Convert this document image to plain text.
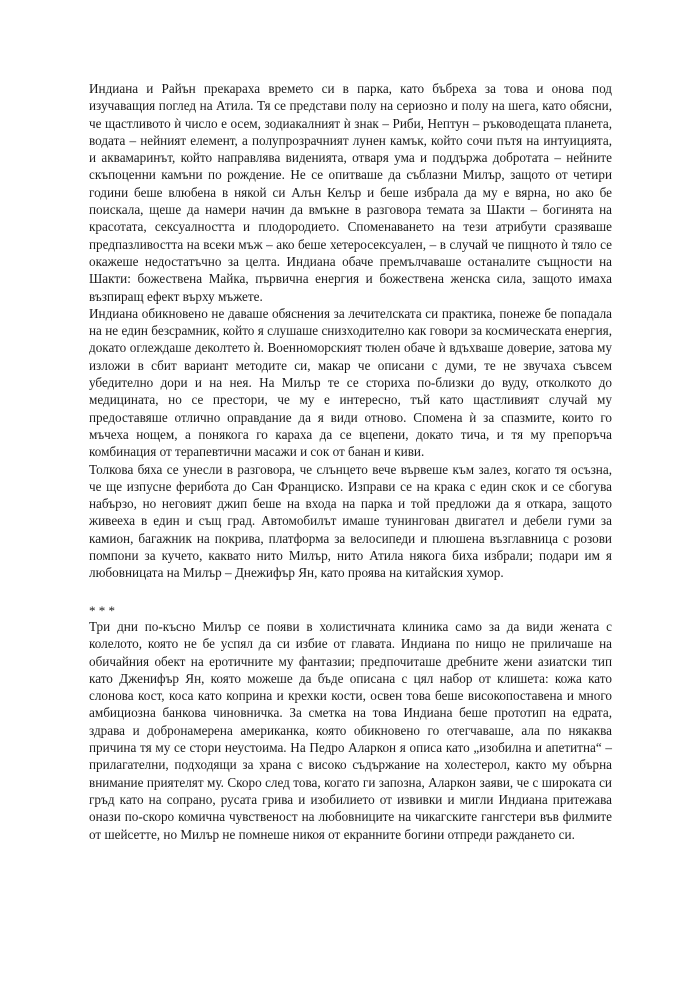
Индиана и Райън прекараха времето си в парка, като бъбреха за това и онова под изучаващия поглед на Атила. Тя се представи полу на сериозно и полу на шега, като обясни, че щастливото ѝ число е осем, зодиакалният ѝ знак – Риби, Нептун – ръководещата планета, водата – нейният елемент, а полупрозрачният лунен камък, който сочи пътя на интуицията, и аквамаринът, който направлява виденията, отваря ума и поддържа добротата – нейните скъпоценни камъни по рождение. Не се опитваше да съблазни Милър, защото от четири години беше влюбена в някой си Алън Келър и беше избрала да му е вярна, но ако бе поискала, щеше да намери начин да вмъкне в разговора темата за Шакти – богинята на красотата, сексуалността и плодородието. Споменаването на тези атрибути сразяваше предпазливостта на всеки мъж – ако беше хетеросексуален, – в случай че пищното ѝ тяло се окажеше недостатъчно за целта. Индиана обаче премълчаваше останалите същности на Шакти: божествена Майка, първична енергия и божествена женска сила, защото имаха възпиращ ефект върху мъжете.

Индиана обикновено не даваше обяснения за лечителската си практика, понеже бе попадала на не един безсрамник, който я слушаше снизходително как говори за космическата енергия, докато оглеждаше деколтето ѝ. Военноморският тюлен обаче ѝ вдъхваше доверие, затова му изложи в сбит вариант методите си, макар че описани с думи, те не звучаха съвсем убедително дори и на нея. На Милър те се сториха по-близки до вуду, отколкото до медицината, но се престори, че му е интересно, тъй като щастливият случай му предоставяше отлично оправдание да я види отново. Спомена ѝ за спазмите, които го мъчеха нощем, а понякога го караха да се вцепени, докато тича, и тя му препоръча комбинация от терапевтични масажи и сок от банан и киви.

Толкова бяха се унесли в разговора, че слънцето вече вървеше към залез, когато тя осъзна, че ще изпусне фериботa до Сан Франциско. Изправи се на крака с един скок и се сбогува набързо, но неговият джип беше на входа на парка и той предложи да я откара, защото живееха в един и същ град. Автомобилът имаше тунингован двигател и дебели гуми за камион, багажник на покрива, платформа за велосипеди и плюшена възглавница с розови помпони за кучето, каквато нито Милър, нито Атила някога биха избрали; подари им я любовницата на Милър – Днежифър Ян, като проява на китайския хумор.

* * *

Три дни по-късно Милър се появи в холистичната клиника само за да види жената с колелото, която не бе успял да си избие от главата. Индиана по нищо не приличаше на обичайния обект на еротичните му фантазии; предпочиташе дребните жени азиатски тип като Дженифър Ян, която можеше да бъде описана с цял набор от клишета: кожа като слонова кост, коса като коприна и крехки кости, освен това беше високопоставена и много амбициозна банкова чиновничка. За сметка на това Индиана беше прототип на едрата, здрава и добронамерена американка, която обикновено го отегчаваше, ала по някаква причина тя му се стори неустоима. На Педро Аларкон я описа като „изобилна и апетитна“ – прилагателни, подходящи за храна с високо съдържание на холестерол, както му обърна внимание приятелят му. Скоро след това, когато ги запозна, Аларкон заяви, че с широката си гръд като на сопрано, русата грива и изобилието от извивки и мигли Индиана притежава онази по-скоро комична чувственост на любовниците на чикагските гангстери във филмите от шейсетте, но Милър не помнеше никоя от екранните богини отпреди раждането си.
